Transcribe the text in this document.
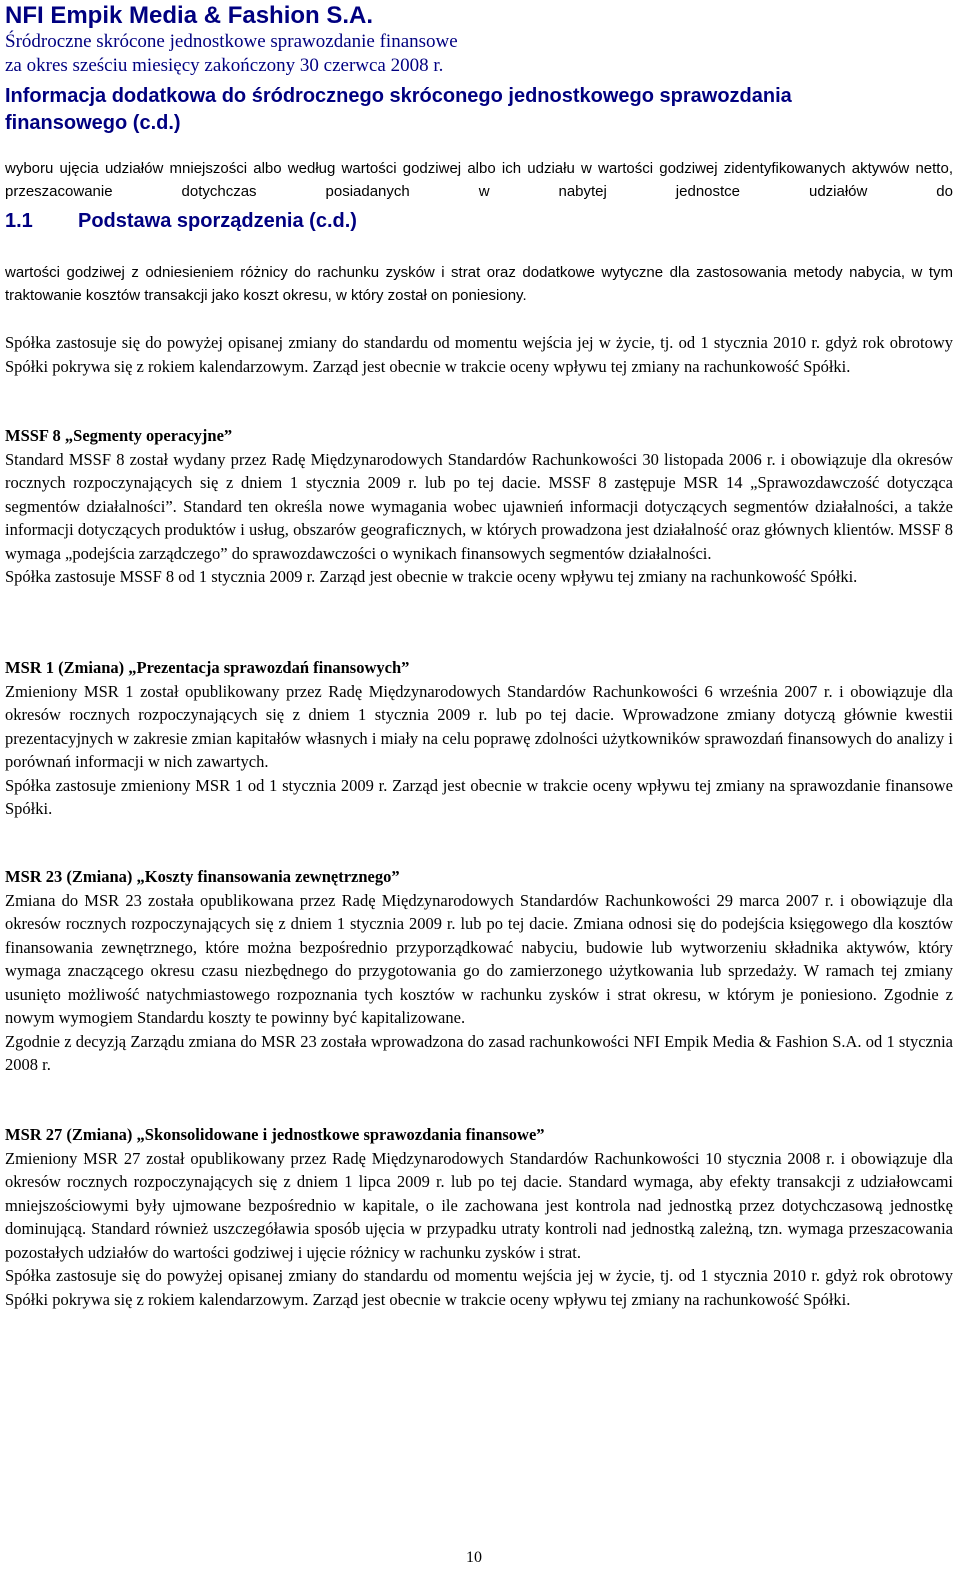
NFI Empik Media & Fashion S.A.
Śródroczne skrócone jednostkowe sprawozdanie finansowe
za okres sześciu miesięcy zakończony 30 czerwca 2008 r.
Informacja dodatkowa do śródrocznego skróconego jednostkowego sprawozdania
finansowego (c.d.)
wyboru ujęcia udziałów mniejszości albo według wartości godziwej albo ich udziału w wartości godziwej zidentyfikowanych aktywów netto, przeszacowanie dotychczas posiadanych w nabytej jednostce udziałów do
1.1 Podstawa sporządzenia (c.d.)
wartości godziwej z odniesieniem różnicy do rachunku zysków i strat oraz dodatkowe wytyczne dla zastosowania metody nabycia, w tym traktowanie kosztów transakcji jako koszt okresu, w który został on poniesiony.

Spółka zastosuje się do powyżej opisanej zmiany do standardu od momentu wejścia jej w życie, tj. od 1 stycznia 2010 r. gdyż rok obrotowy Spółki pokrywa się z rokiem kalendarzowym. Zarząd jest obecnie w trakcie oceny wpływu tej zmiany na rachunkowość Spółki.

MSSF 8 „Segmenty operacyjne”

Standard MSSF 8 został wydany przez Radę Międzynarodowych Standardów Rachunkowości 30 listopada 2006 r. i obowiązuje dla okresów rocznych rozpoczynających się z dniem 1 stycznia 2009 r. lub po tej dacie. MSSF 8 zastępuje MSR 14 „Sprawozdawczość dotycząca segmentów działalności”. Standard ten określa nowe wymagania wobec ujawnień informacji dotyczących segmentów działalności, a także informacji dotyczących produktów i usług, obszarów geograficznych, w których prowadzona jest działalność oraz głównych klientów. MSSF 8 wymaga „podejścia zarządczego” do sprawozdawczości o wynikach finansowych segmentów działalności.

Spółka zastosuje MSSF 8 od 1 stycznia 2009 r. Zarząd jest obecnie w trakcie oceny wpływu tej zmiany na rachunkowość Spółki.

MSR 1 (Zmiana) „Prezentacja sprawozdań finansowych”

Zmieniony MSR 1 został opublikowany przez Radę Międzynarodowych Standardów Rachunkowości 6 września 2007 r. i obowiązuje dla okresów rocznych rozpoczynających się z dniem 1 stycznia 2009 r. lub po tej dacie. Wprowadzone zmiany dotyczą głównie kwestii prezentacyjnych w zakresie zmian kapitałów własnych i miały na celu poprawę zdolności użytkowników sprawozdań finansowych do analizy i porównań informacji w nich zawartych.

Spółka zastosuje zmieniony MSR 1 od 1 stycznia 2009 r. Zarząd jest obecnie w trakcie oceny wpływu tej zmiany na sprawozdanie finansowe Spółki.

MSR 23 (Zmiana) „Koszty finansowania zewnętrznego”

Zmiana do MSR 23 została opublikowana przez Radę Międzynarodowych Standardów Rachunkowości 29 marca 2007 r. i obowiązuje dla okresów rocznych rozpoczynających się z dniem 1 stycznia 2009 r. lub po tej dacie. Zmiana odnosi się do podejścia księgowego dla kosztów finansowania zewnętrznego, które można bezpośrednio przyporządkować nabyciu, budowie lub wytworzeniu składnika aktywów, który wymaga znaczącego okresu czasu niezbędnego do przygotowania go do zamierzonego użytkowania lub sprzedaży. W ramach tej zmiany usunięto możliwość natychmiastowego rozpoznania tych kosztów w rachunku zysków i strat okresu, w którym je poniesiono. Zgodnie z nowym wymogiem Standardu koszty te powinny być kapitalizowane.

Zgodnie z decyzją Zarządu zmiana do MSR 23 została wprowadzona do zasad rachunkowości NFI Empik Media & Fashion S.A. od 1 stycznia 2008 r.

MSR 27 (Zmiana) „Skonsolidowane i jednostkowe sprawozdania finansowe”

Zmieniony MSR 27 został opublikowany przez Radę Międzynarodowych Standardów Rachunkowości 10 stycznia 2008 r. i obowiązuje dla okresów rocznych rozpoczynających się z dniem 1 lipca 2009 r. lub po tej dacie. Standard wymaga, aby efekty transakcji z udziałowcami mniejszościowymi były ujmowane bezpośrednio w kapitale, o ile zachowana jest kontrola nad jednostką przez dotychczasową jednostkę dominującą. Standard również uszczegóławia sposób ujęcia w przypadku utraty kontroli nad jednostką zależną, tzn. wymaga przeszacowania pozostałych udziałów do wartości godziwej i ujęcie różnicy w rachunku zysków i strat.

Spółka zastosuje się do powyżej opisanej zmiany do standardu od momentu wejścia jej w życie, tj. od 1 stycznia 2010 r. gdyż rok obrotowy Spółki pokrywa się z rokiem kalendarzowym. Zarząd jest obecnie w trakcie oceny wpływu tej zmiany na rachunkowość Spółki.

10
